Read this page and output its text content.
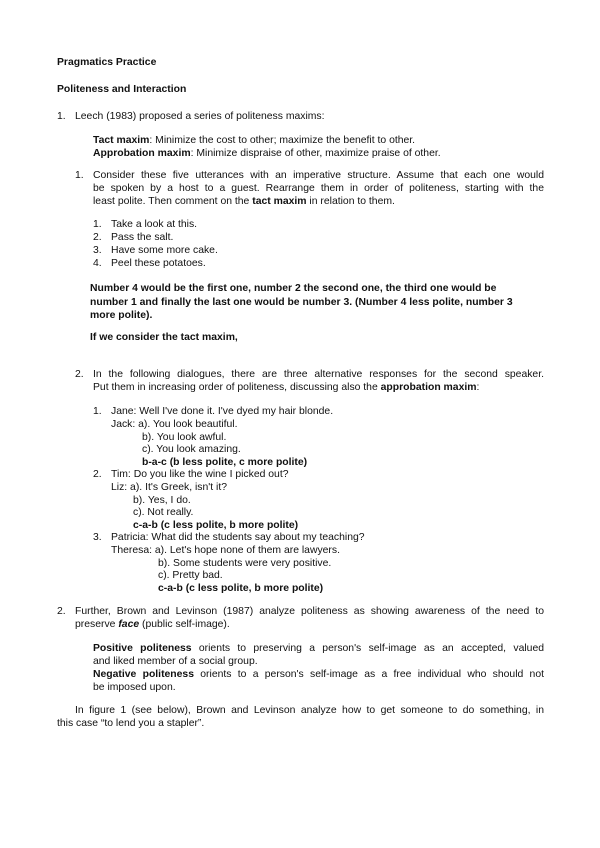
Pragmatics Practice
Politeness and Interaction
1. Leech (1983) proposed a series of politeness maxims:
Tact maxim: Minimize the cost to other; maximize the benefit to other.
Approbation maxim: Minimize dispraise of other, maximize praise of other.
1. Consider these five utterances with an imperative structure. Assume that each one would
be spoken by a host to a guest. Rearrange them in order of politeness, starting with the
least polite. Then comment on the tact maxim in relation to them.
1. Take a look at this.
2. Pass the salt.
3. Have some more cake.
4. Peel these potatoes.
Number 4 would be the first one, number 2 the second one, the third one would be
number 1 and finally the last one would be number 3. (Number 4 less polite, number 3
more polite).
If we consider the tact maxim,
2. In the following dialogues, there are three alternative responses for the second speaker.
Put them in increasing order of politeness, discussing also the approbation maxim:
1. Jane: Well I've done it. I've dyed my hair blonde.
Jack: a). You look beautiful.
b). You look awful.
c). You look amazing.
b-a-c (b less polite, c more polite)
2. Tim: Do you like the wine I picked out?
Liz: a). It's Greek, isn't it?
b). Yes, I do.
c). Not really.
c-a-b (c less polite, b more polite)
3. Patricia: What did the students say about my teaching?
Theresa: a). Let's hope none of them are lawyers.
b). Some students were very positive.
c). Pretty bad.
c-a-b (c less polite, b more polite)
2. Further, Brown and Levinson (1987) analyze politeness as showing awareness of the need to
preserve face (public self-image).
Positive politeness orients to preserving a person's self-image as an accepted, valued
and liked member of a social group.
Negative politeness orients to a person's self-image as a free individual who should not
be imposed upon.
In figure 1 (see below), Brown and Levinson analyze how to get someone to do something, in
this case “to lend you a stapler”.
